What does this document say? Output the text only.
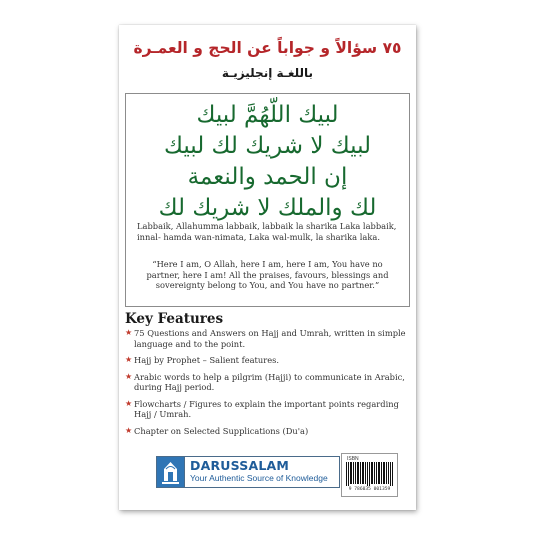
٧٥ سؤالاً و جواباً عن الحج و العمـرة
باللغـة إنجليزيـة
لبيك اللّهُمَّ لبيك
لبيك لا شريك لك لبيك
إن الحمد والنعمة
لك والملك لا شريك لك
Labbaik, Allahumma labbaik, labbaik la sharika Laka labbaik, innal- hamda wan-nimata, Laka wal-mulk, la sharika laka.
“Here I am, O Allah, here I am, here I am, You have no partner, here I am! All the praises, favours, blessings and sovereignty belong to You, and You have no partner.”
Key Features
★ 75 Questions and Answers on Hajj and Umrah, written in simple language and to the point.
★ Hajj by Prophet – Salient features.
★ Arabic words to help a pilgrim (Hajji) to communicate in Arabic, during Hajj period.
★ Flowcharts / Figures to explain the important points regarding Hajj / Umrah.
★ Chapter on Selected Supplications (Du'a)
DARUSSALAM
Your Authentic Source of Knowledge
ISBN
9 786035 001359
